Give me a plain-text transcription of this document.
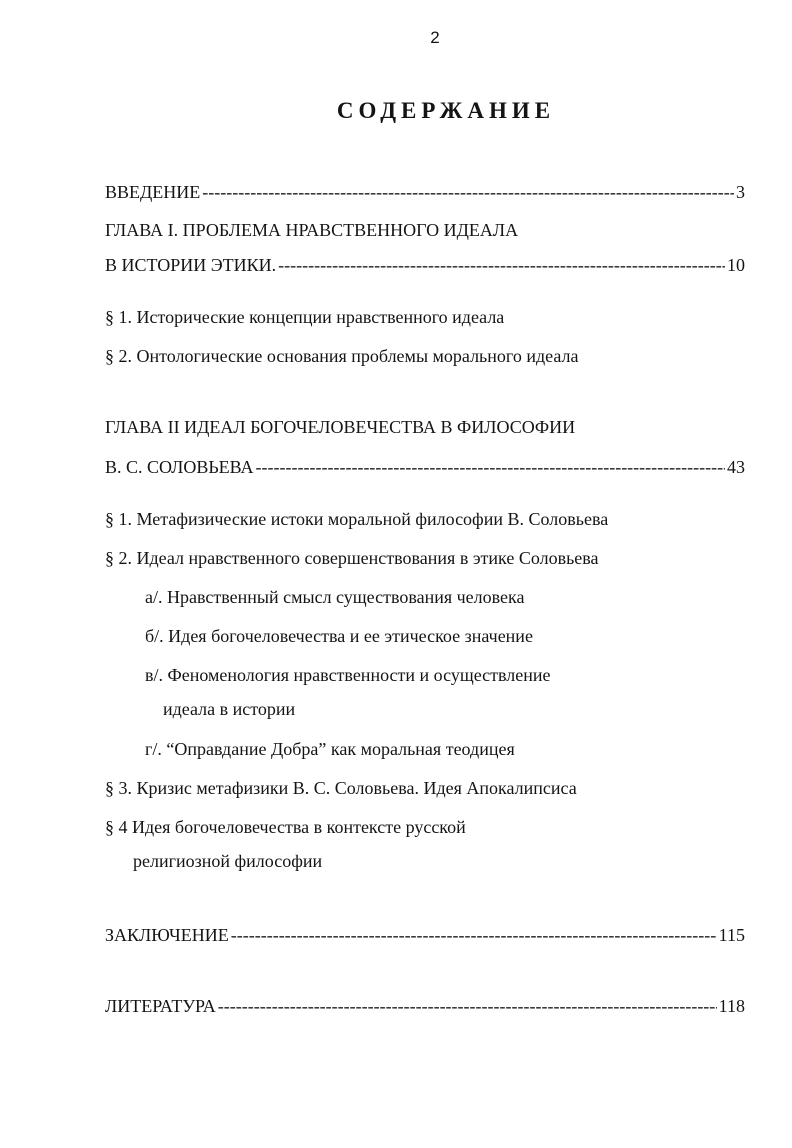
2
СОДЕРЖАНИЕ
ВВЕДЕНИЕ -----	3
ГЛАВА I. ПРОБЛЕМА НРАВСТВЕННОГО ИДЕАЛА
В ИСТОРИИ ЭТИКИ. -----	10
§ 1. Исторические концепции нравственного идеала
§ 2. Онтологические основания проблемы морального идеала
ГЛАВА II ИДЕАЛ БОГОЧЕЛОВЕЧЕСТВА В ФИЛОСОФИИ
В. С. СОЛОВЬЕВА -----	43
§ 1. Метафизические истоки моральной философии В. Соловьева
§ 2. Идеал нравственного совершенствования в этике Соловьева
а/. Нравственный смысл существования человека
б/. Идея богочеловечества и ее этическое значение
в/. Феноменология нравственности и осуществление
идеала в истории
г/. “Оправдание Добра” как моральная теодицея
§ 3. Кризис метафизики В. С. Соловьева. Идея Апокалипсиса
§ 4 Идея богочеловечества в контексте русской
религиозной философии
ЗАКЛЮЧЕНИЕ -----	115
ЛИТЕРАТУРА -----	118
